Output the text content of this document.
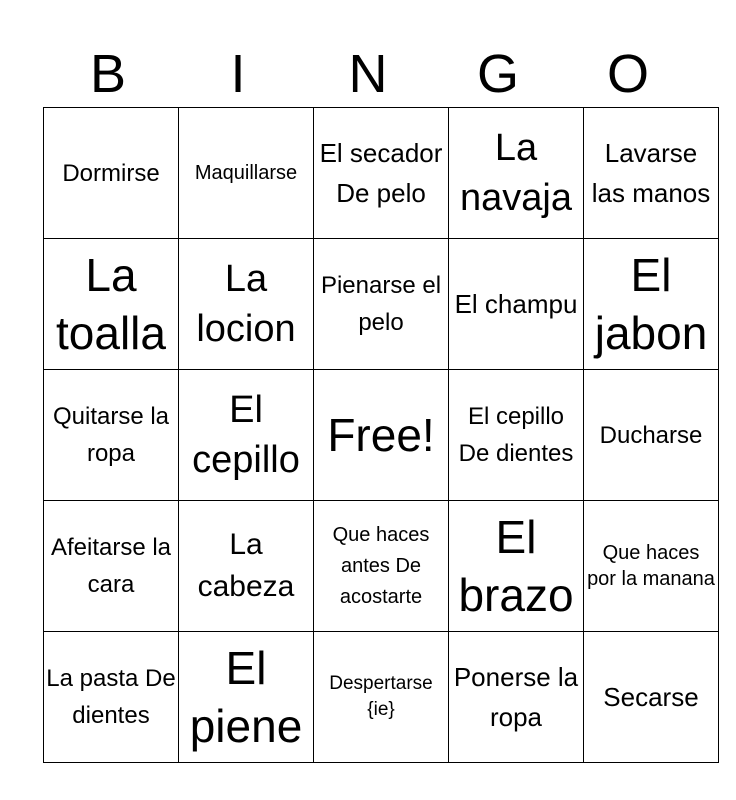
B	I	N	G	O
Dormirse	Maquillarse	El secador De pelo	La navaja	Lavarse las manos

La toalla	La locion	Pienarse el pelo	El champu	El jabon

Quitarse la ropa	El cepillo	Free!	El cepillo De dientes	Ducharse

Afeitarse la cara	La cabeza	Que haces antes De acostarte	El brazo	Que haces por la manana

La pasta De dientes	El piene	Despertarse {ie}	Ponerse la ropa	Secarse
